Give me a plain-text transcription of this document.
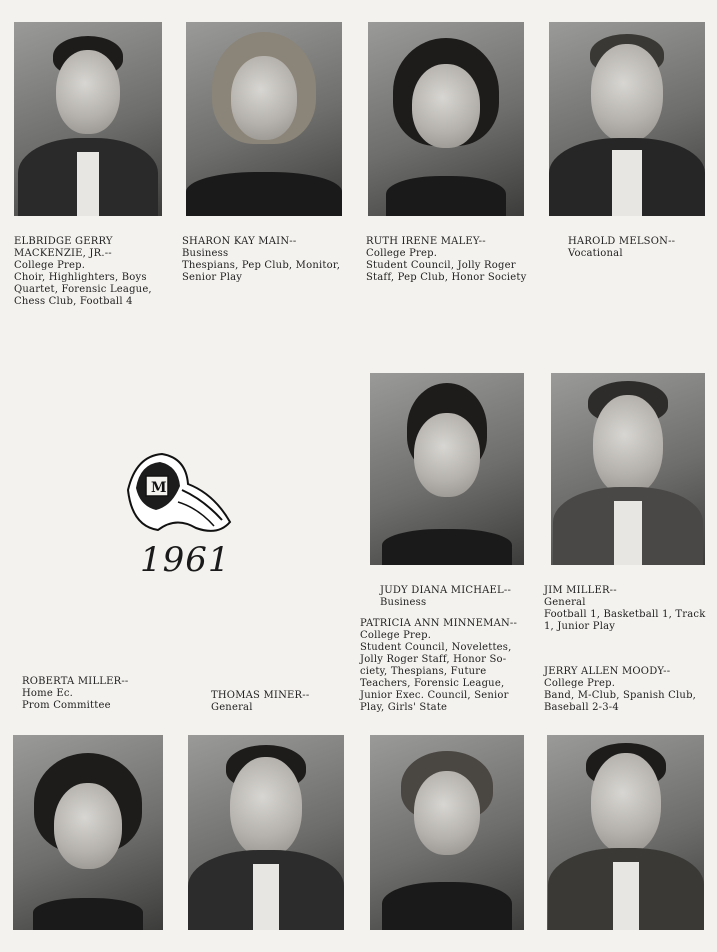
ELBRIDGE GERRY MACKENZIE, JR.--
College Prep.
Choir, Highlighters, Boys
Quartet, Forensic League,
Chess Club, Football 4
SHARON KAY MAIN--
Business
Thespians, Pep Club, Monitor,
Senior Play
RUTH IRENE MALEY--
College Prep.
Student Council, Jolly Roger
Staff, Pep Club, Honor Society
HAROLD MELSON--
Vocational
M
1961
JUDY DIANA MICHAEL--
Business
JIM MILLER--
General
Football 1, Basketball 1, Track
1, Junior Play
PATRICIA ANN MINNEMAN--
College Prep.
Student Council, Novelettes,
Jolly Roger Staff, Honor So-
ciety, Thespians, Future
Teachers, Forensic League,
Junior Exec. Council, Senior
Play, Girls' State
JERRY ALLEN MOODY--
College Prep.
Band, M-Club, Spanish Club,
Baseball 2-3-4
ROBERTA MILLER--
Home Ec.
Prom Committee
THOMAS MINER--
General
